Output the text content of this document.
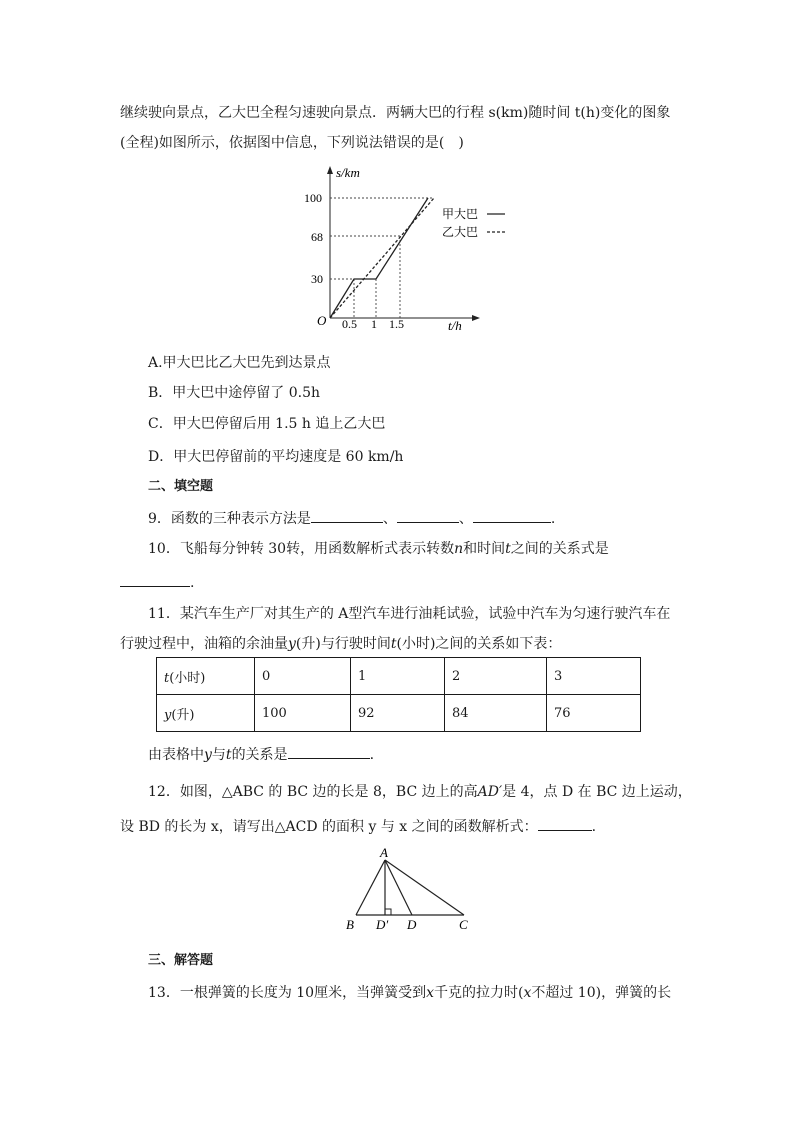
继续驶向景点，乙大巴全程匀速驶向景点．两辆大巴的行程 s(km)随时间 t(h)变化的图象
(全程)如图所示，依据图中信息，下列说法错误的是(　)
s/km
t/h
O
100
68
30
0.5 1 1.5
甲大巴
乙大巴
A.甲大巴比乙大巴先到达景点
B．甲大巴中途停留了 0.5h
C．甲大巴停留后用 1.5 h 追上乙大巴
D．甲大巴停留前的平均速度是 60 km/h
二、填空题
9．函数的三种表示方法是	、	、	.
10．飞船每分钟转 30转，用函数解析式表示转数n和时间t之间的关系式是
.
11．某汽车生产厂对其生产的 A型汽车进行油耗试验，试验中汽车为匀速行驶汽车在
行驶过程中，油箱的余油量y(升)与行驶时间t(小时)之间的关系如下表：
t(小时)	0	1	2	3
y(升)	100	92	84	76
由表格中y与t的关系是	.
12．如图，△ABC 的 BC 边的长是 8，BC 边上的高AD′是 4，点 D 在 BC 边上运动，
设 BD 的长为 x，请写出△ACD 的面积 y 与 x 之间的函数解析式：	.
A
B D′ D	C
三、解答题
13．一根弹簧的长度为 10厘米，当弹簧受到x千克的拉力时(x不超过 10)，弹簧的长
